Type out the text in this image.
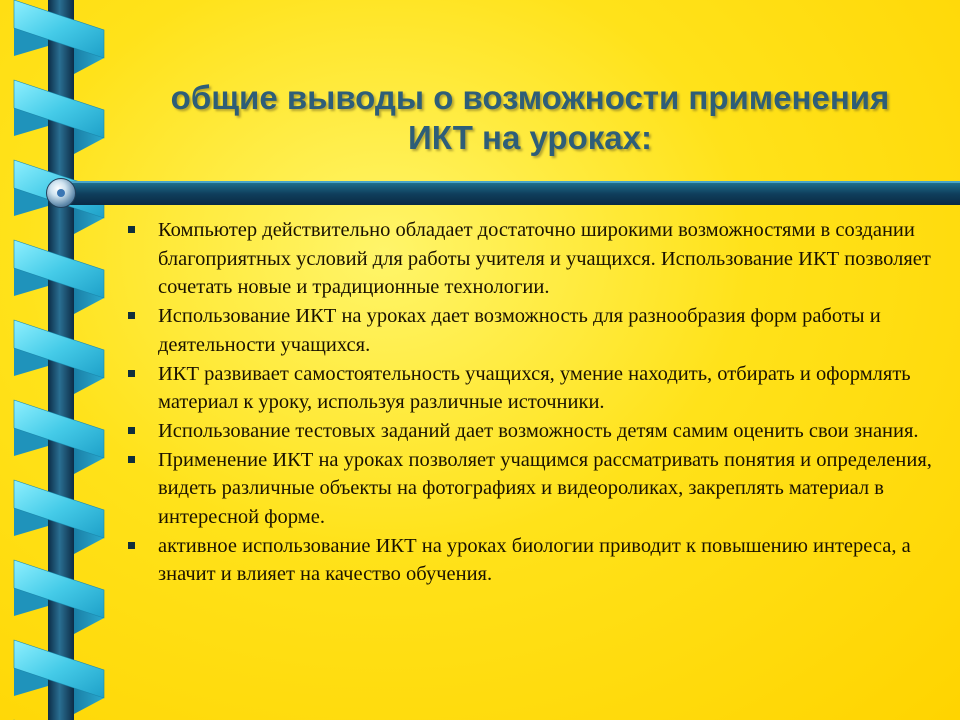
общие выводы о возможности применения
ИКТ на уроках:
Компьютер действительно обладает достаточно широкими возможностями в создании благоприятных условий для работы учителя и учащихся. Использование ИКТ позволяет сочетать новые и традиционные технологии.
Использование ИКТ на уроках дает возможность для разнообразия форм работы и деятельности учащихся.
ИКТ развивает самостоятельность учащихся, умение находить, отбирать и оформлять материал к уроку, используя различные источники.
Использование тестовых заданий дает возможность детям самим оценить свои знания.
Применение ИКТ на уроках позволяет учащимся рассматривать понятия и определения, видеть различные объекты на фотографиях и видеороликах, закреплять материал в интересной форме.
активное использование ИКТ на уроках биологии приводит к повышению интереса, а значит и влияет на качество обучения.
